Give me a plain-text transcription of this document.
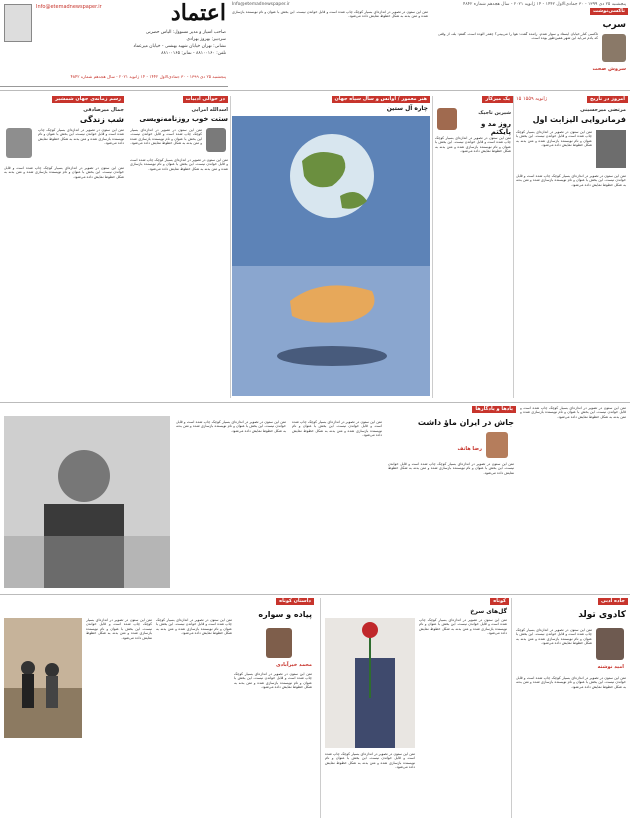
اعتماد
Info@etemadnewspaper.ir
صاحب امتیاز و مدیر مسوول: الیاس حضرتی
سردبیر: بهروز بهزادی
نشانی: تهران خیابان شهید بهشتی - خیابان میرعماد
تلفن: ۸۸۱۰۰۱۶۰ - نمابر: ۸۸۱۰۰۱۶۵
پنجشنبه ۲۵ دی ۱۳۹۹ - ۳۰ جمادی‌الاول ۱۴۴۲ - ۱۴ ژانویه ۲۰۲۱ - سال هجدهم شماره ۴۸۴۲
پنجشنبه ۲۵ دی ۱۳۹۹ - ۳۰ جمادی‌الاول ۱۴۴۲ - ۱۴ ژانویه ۲۰۲۱ - سال هجدهم شماره ۴۸۴۲
Info@etemadnewspaper.ir
متن این ستون در تصویر در اندازه‌ای بسیار کوچک چاپ شده است و قابل خواندن نیست. این بخش با عنوان و نام نویسنده بازسازی شده و متن بدنه به شکل خطوط نمایش داده می‌شود.
تاکسی‌نوشت
سرب
سروش صحت
تاکسی کنار خیابان ایستاد و سوار شدم. راننده گفت: هوا را می‌بینی؟ چقدر آلوده است. گفتم: بله، از وقتی که یادم می‌آید این شهر همین‌طور بوده است.
امروز در تاریخ
۱۵ ژانویه ۱۵۵۹
مرتضی میرحسینی
فرمانروایی الیزابت اول
متن این ستون در تصویر در اندازه‌ای بسیار کوچک چاپ شده است و قابل خواندن نیست. این بخش با عنوان و نام نویسنده بازسازی شده و متن بدنه به شکل خطوط نمایش داده می‌شود.
متن این ستون در تصویر در اندازه‌ای بسیار کوچک چاپ شده است و قابل خواندن نیست. این بخش با عنوان و نام نویسنده بازسازی شده و متن بدنه به شکل خطوط نمایش داده می‌شود.
یک میز‌کار
شیرین تاجیک
روز مد و پایکتم
متن این ستون در تصویر در اندازه‌ای بسیار کوچک چاپ شده است و قابل خواندن نیست. این بخش با عنوان و نام نویسنده بازسازی شده و متن بدنه به شکل خطوط نمایش داده می‌شود.
هنر معمور / آوانس و سال سیاه جهان
چاره آل ستین
در حوالی ادبیات
اسدالله امرایی
ستت خوب روزنامه‌نویسی
متن این ستون در تصویر در اندازه‌ای بسیار کوچک چاپ شده است و قابل خواندن نیست. این بخش با عنوان و نام نویسنده بازسازی شده و متن بدنه به شکل خطوط نمایش داده می‌شود.
متن این ستون در تصویر در اندازه‌ای بسیار کوچک چاپ شده است و قابل خواندن نیست. این بخش با عنوان و نام نویسنده بازسازی شده و متن بدنه به شکل خطوط نمایش داده می‌شود.
رسم زمانه‌ی جهان شمشیر
جمال میرصادقی
شب زندگی
متن این ستون در تصویر در اندازه‌ای بسیار کوچک چاپ شده است و قابل خواندن نیست. این بخش با عنوان و نام نویسنده بازسازی شده و متن بدنه به شکل خطوط نمایش داده می‌شود.
متن این ستون در تصویر در اندازه‌ای بسیار کوچک چاپ شده است و قابل خواندن نیست. این بخش با عنوان و نام نویسنده بازسازی شده و متن بدنه به شکل خطوط نمایش داده می‌شود.
متن این ستون در تصویر در اندازه‌ای بسیار کوچک چاپ شده است و قابل خواندن نیست. این بخش با عنوان و نام نویسنده بازسازی شده و متن بدنه به شکل خطوط نمایش داده می‌شود.
متن این ستون در تصویر در اندازه‌ای بسیار کوچک چاپ شده است و قابل خواندن نیست. این بخش با عنوان و نام نویسنده بازسازی شده و متن بدنه به شکل خطوط نمایش داده می‌شود.
یادها و یادگارها
جاش در ایران ماؤ داشت
رضا هاتف
متن این ستون در تصویر در اندازه‌ای بسیار کوچک چاپ شده است و قابل خواندن نیست. این بخش با عنوان و نام نویسنده بازسازی شده و متن بدنه به شکل خطوط نمایش داده می‌شود.
متن این ستون در تصویر در اندازه‌ای بسیار کوچک چاپ شده است و قابل خواندن نیست. این بخش با عنوان و نام نویسنده بازسازی شده و متن بدنه به شکل خطوط نمایش داده می‌شود.
متن این ستون در تصویر در اندازه‌ای بسیار کوچک چاپ شده است و قابل خواندن نیست. این بخش با عنوان و نام نویسنده بازسازی شده و متن بدنه به شکل خطوط نمایش داده می‌شود.
متن این ستون در تصویر در اندازه‌ای بسیار کوچک چاپ شده است و قابل خواندن نیست. این بخش با عنوان و نام نویسنده بازسازی شده و متن بدنه به شکل خطوط نمایش داده می‌شود.
داستان کوتاه
پیاده و سواره
محمد خیرآبادی
متن این ستون در تصویر در اندازه‌ای بسیار کوچک چاپ شده است و قابل خواندن نیست. این بخش با عنوان و نام نویسنده بازسازی شده و متن بدنه به شکل خطوط نمایش داده می‌شود.
کوتاه
گل‌های سرخ
متن این ستون در تصویر در اندازه‌ای بسیار کوچک چاپ شده است و قابل خواندن نیست. این بخش با عنوان و نام نویسنده بازسازی شده و متن بدنه به شکل خطوط نمایش داده می‌شود.
متن این ستون در تصویر در اندازه‌ای بسیار کوچک چاپ شده است و قابل خواندن نیست. این بخش با عنوان و نام نویسنده بازسازی شده و متن بدنه به شکل خطوط نمایش داده می‌شود.
جاده ادبی
کادوی تولد
امید نوشته
متن این ستون در تصویر در اندازه‌ای بسیار کوچک چاپ شده است و قابل خواندن نیست. این بخش با عنوان و نام نویسنده بازسازی شده و متن بدنه به شکل خطوط نمایش داده می‌شود.
متن این ستون در تصویر در اندازه‌ای بسیار کوچک چاپ شده است و قابل خواندن نیست. این بخش با عنوان و نام نویسنده بازسازی شده و متن بدنه به شکل خطوط نمایش داده می‌شود.
